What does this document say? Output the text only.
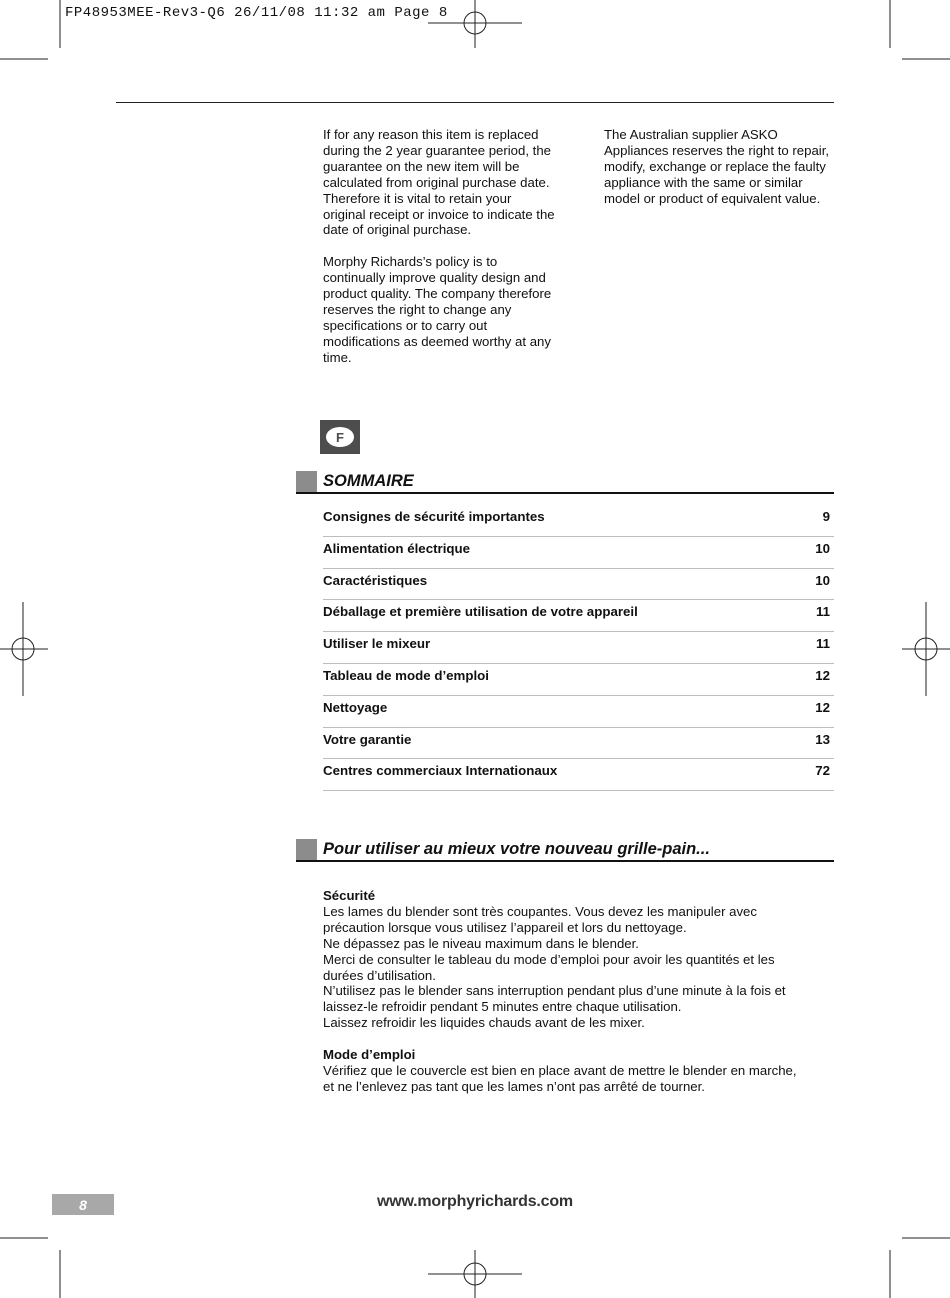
FP48953MEE-Rev3-Q6 26/11/08 11:32 am Page 8

If for any reason this item is replaced during the 2 year guarantee period, the guarantee on the new item will be calculated from original purchase date. Therefore it is vital to retain your original receipt or invoice to indicate the date of original purchase.

Morphy Richards’s policy is to continually improve quality design and product quality. The company therefore reserves the right to change any specifications or to carry out modifications as deemed worthy at any time.

The Australian supplier ASKO Appliances reserves the right to repair, modify, exchange or replace the faulty appliance with the same or similar model or product of equivalent value.

F
SOMMAIRE
Consignes de sécurité importantes	9
Alimentation électrique	10
Caractéristiques	10
Déballage et première utilisation de votre appareil	11
Utiliser le mixeur	11
Tableau de mode d’emploi	12
Nettoyage	12
Votre garantie	13
Centres commerciaux Internationaux	72
Pour utiliser au mieux votre nouveau grille-pain...
Sécurité

Les lames du blender sont très coupantes. Vous devez les manipuler avec

précaution lorsque vous utilisez l’appareil et lors du nettoyage.

Ne dépassez pas le niveau maximum dans le blender.

Merci de consulter le tableau du mode d’emploi pour avoir les quantités et les

durées d’utilisation.

N’utilisez pas le blender sans interruption pendant plus d’une minute à la fois et

laissez-le refroidir pendant 5 minutes entre chaque utilisation.

Laissez refroidir les liquides chauds avant de les mixer.

Mode d’emploi

Vérifiez que le couvercle est bien en place avant de mettre le blender en marche,

et ne l’enlevez pas tant que les lames n’ont pas arrêté de tourner.

8	www.morphyrichards.com
